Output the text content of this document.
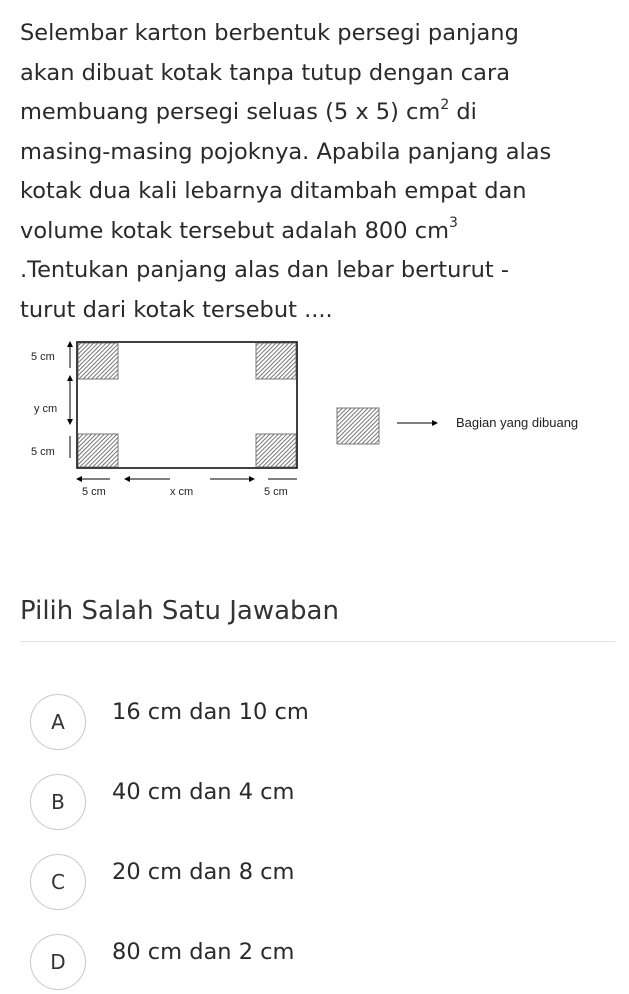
Selembar karton berbentuk persegi panjang
akan dibuat kotak tanpa tutup dengan cara
membuang persegi seluas (5 x 5) $cm^2$ di
masing-masing pojoknya. Apabila panjang alas
kotak dua kali lebarnya ditambah empat dan
volume kotak tersebut adalah 800 $cm^3$
.Tentukan panjang alas dan lebar berturut -
turut dari kotak tersebut ....
5 cm
y cm
5 cm
5 cm	x cm	5 cm
Bagian yang dibuang
Pilih Salah Satu Jawaban
A	16 cm dan 10 cm
B	40 cm dan 4 cm
C	20 cm dan 8 cm
D	80 cm dan 2 cm
